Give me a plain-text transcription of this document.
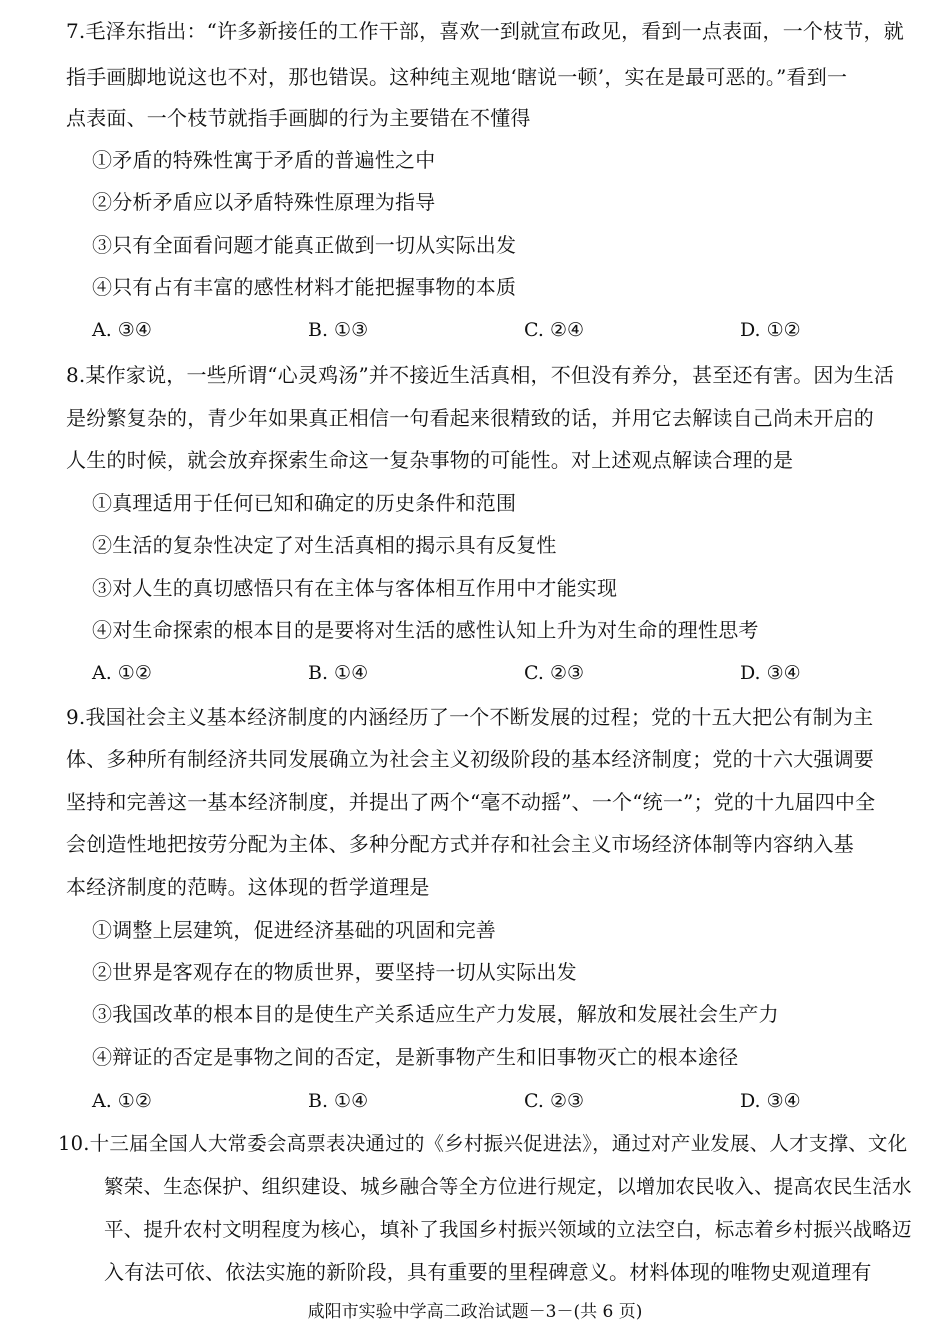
7.毛泽东指出：“许多新接任的工作干部，喜欢一到就宣布政见，看到一点表面，一个枝节，就
指手画脚地说这也不对，那也错误。这种纯主观地‘瞎说一顿’，实在是最可恶的。”看到一
点表面、一个枝节就指手画脚的行为主要错在不懂得
①矛盾的特殊性寓于矛盾的普遍性之中
②分析矛盾应以矛盾特殊性原理为指导
③只有全面看问题才能真正做到一切从实际出发
④只有占有丰富的感性材料才能把握事物的本质
A. ③④	B. ①③	C. ②④	D. ①②
8.某作家说，一些所谓“心灵鸡汤”并不接近生活真相，不但没有养分，甚至还有害。因为生活
是纷繁复杂的，青少年如果真正相信一句看起来很精致的话，并用它去解读自己尚未开启的
人生的时候，就会放弃探索生命这一复杂事物的可能性。对上述观点解读合理的是
①真理适用于任何已知和确定的历史条件和范围
②生活的复杂性决定了对生活真相的揭示具有反复性
③对人生的真切感悟只有在主体与客体相互作用中才能实现
④对生命探索的根本目的是要将对生活的感性认知上升为对生命的理性思考
A. ①②	B. ①④	C. ②③	D. ③④
9.我国社会主义基本经济制度的内涵经历了一个不断发展的过程；党的十五大把公有制为主
体、多种所有制经济共同发展确立为社会主义初级阶段的基本经济制度；党的十六大强调要
坚持和完善这一基本经济制度，并提出了两个“毫不动摇”、一个“统一”；党的十九届四中全
会创造性地把按劳分配为主体、多种分配方式并存和社会主义市场经济体制等内容纳入基
本经济制度的范畴。这体现的哲学道理是
①调整上层建筑，促进经济基础的巩固和完善
②世界是客观存在的物质世界，要坚持一切从实际出发
③我国改革的根本目的是使生产关系适应生产力发展，解放和发展社会生产力
④辩证的否定是事物之间的否定，是新事物产生和旧事物灭亡的根本途径
A. ①②	B. ①④	C. ②③	D. ③④
10.十三届全国人大常委会高票表决通过的《乡村振兴促进法》，通过对产业发展、人才支撑、文化
繁荣、生态保护、组织建设、城乡融合等全方位进行规定，以增加农民收入、提高农民生活水
平、提升农村文明程度为核心，填补了我国乡村振兴领域的立法空白，标志着乡村振兴战略迈
入有法可依、依法实施的新阶段，具有重要的里程碑意义。材料体现的唯物史观道理有
咸阳市实验中学高二政治试题－3－(共 6 页)
